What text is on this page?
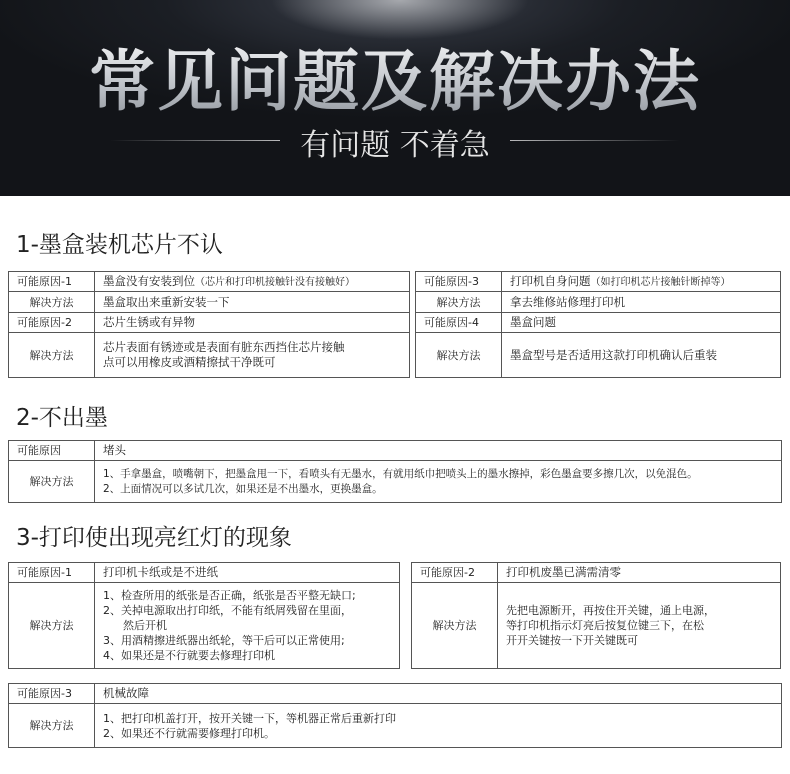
常见问题及解决办法
有问题 不着急
1-墨盒装机芯片不认
可能原因-1	墨盒没有安装到位（芯片和打印机接触针没有接触好）
解决方法	墨盒取出来重新安装一下
可能原因-2	芯片生锈或有异物
解决方法	芯片表面有锈迹或是表面有脏东西挡住芯片接触
点可以用橡皮或酒精擦拭干净既可
可能原因-3	打印机自身问题（如打印机芯片接触针断掉等）
解决方法	拿去维修站修理打印机
可能原因-4	墨盒问题
解决方法	墨盒型号是否适用这款打印机确认后重装
2-不出墨
可能原因	堵头
解决方法	1、手拿墨盒，喷嘴朝下，把墨盒甩一下，看喷头有无墨水，有就用纸巾把喷头上的墨水擦掉，彩色墨盒要多擦几次，以免混色。
2、上面情况可以多试几次，如果还是不出墨水，更换墨盒。
3-打印使出现亮红灯的现象
可能原因-1	打印机卡纸或是不进纸
解决方法	1、检查所用的纸张是否正确，纸张是否平整无缺口;
2、关掉电源取出打印纸，不能有纸屑残留在里面，
然后开机
3、用酒精擦进纸器出纸轮，等干后可以正常使用;
4、如果还是不行就要去修理打印机
可能原因-2	打印机废墨已满需清零
解决方法	先把电源断开，再按住开关键，通上电源，
等打印机指示灯亮后按复位键三下，在松
开开关键按一下开关键既可
可能原因-3	机械故障
解决方法	1、把打印机盖打开，按开关键一下，等机器正常后重新打印
2、如果还不行就需要修理打印机。
